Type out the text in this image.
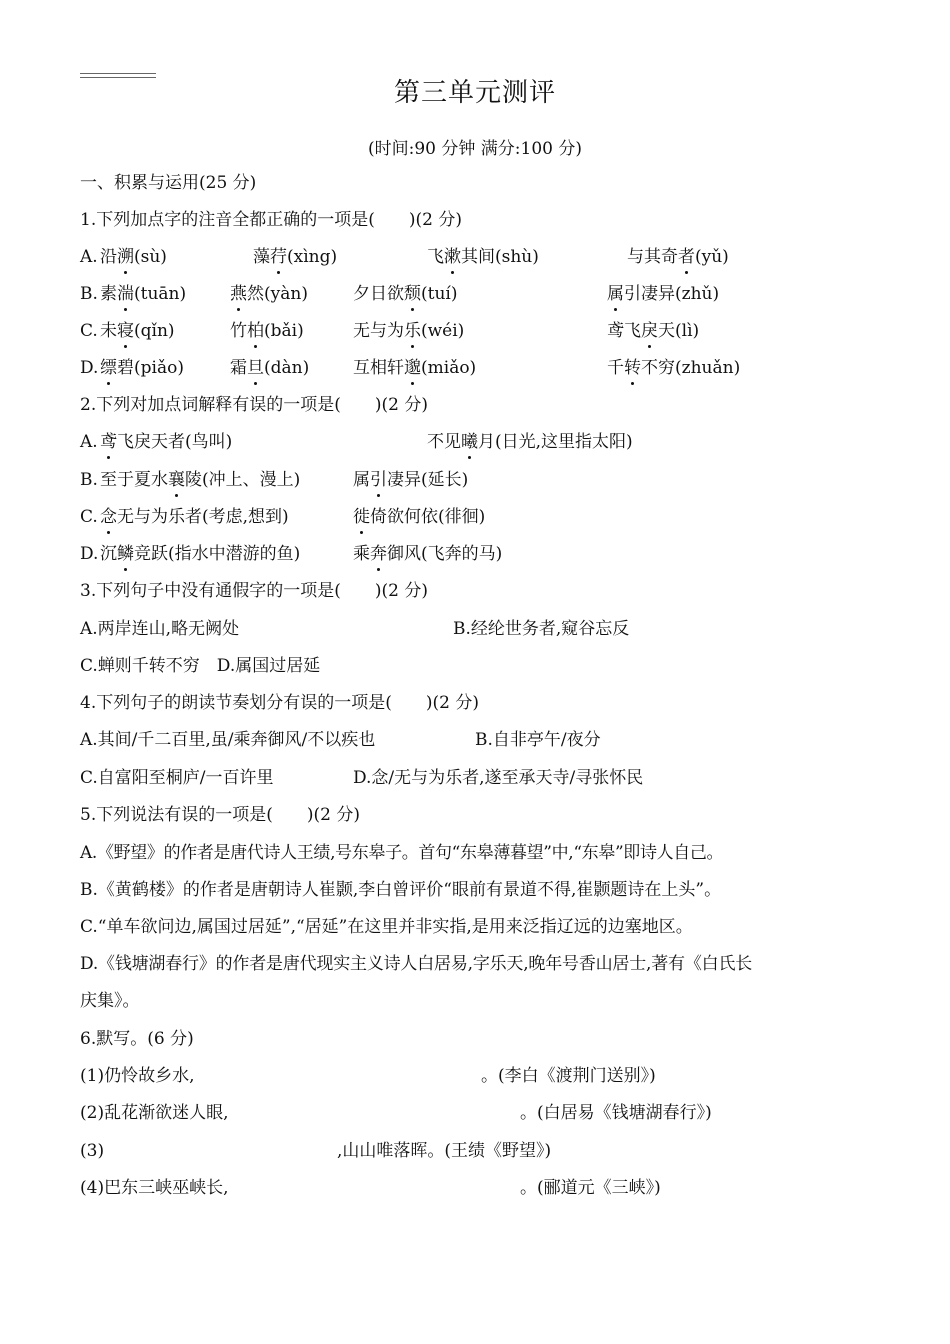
第三单元测评
(时间:90 分钟 满分:100 分)
一、积累与运用(25 分)
1.下列加点字的注音全都正确的一项是(　　)(2 分)
A. 沿溯(sù)	藻荇(xìng)	飞漱其间(shù)	与其奇者(yǔ)
B. 素湍(tuān)	燕然(yàn)	夕日欲颓(tuí)	属引凄异(zhǔ)
C. 未寝(qǐn)	竹柏(bǎi)	无与为乐(wéi)	鸢飞戾天(lì)
D. 缥碧(piǎo)	霜旦(dàn)	互相轩邈(miǎo)	千转不穷(zhuǎn)
2.下列对加点词解释有误的一项是(　　)(2 分)
A. 鸢飞戾天者(鸟叫)	不见曦月(日光,这里指太阳)
B. 至于夏水襄陵(冲上、漫上)	属引凄异(延长)
C. 念无与为乐者(考虑,想到)	徙倚欲何依(徘徊)
D. 沉鳞竞跃(指水中潜游的鱼)	乘奔御风(飞奔的马)
3.下列句子中没有通假字的一项是(　　)(2 分)
A.两岸连山,略无阙处	B.经纶世务者,窥谷忘反
C.蝉则千转不穷　D.属国过居延
4.下列句子的朗读节奏划分有误的一项是(　　)(2 分)
A.其间/千二百里,虽/乘奔御风/不以疾也	B.自非亭午/夜分
C.自富阳至桐庐/一百许里	D.念/无与为乐者,遂至承天寺/寻张怀民
5.下列说法有误的一项是(　　)(2 分)
A.《野望》的作者是唐代诗人王绩,号东皋子。首句“东皋薄暮望”中,“东皋”即诗人自己。
B.《黄鹤楼》的作者是唐朝诗人崔颢,李白曾评价“眼前有景道不得,崔颢题诗在上头”。
C.“单车欲问边,属国过居延”,“居延”在这里并非实指,是用来泛指辽远的边塞地区。
D.《钱塘湖春行》的作者是唐代现实主义诗人白居易,字乐天,晚年号香山居士,著有《白氏长
庆集》。
6.默写。(6 分)
(1)仍怜故乡水,	。(李白《渡荆门送别》)
(2)乱花渐欲迷人眼,	。(白居易《钱塘湖春行》)
(3)	,山山唯落晖。(王绩《野望》)
(4)巴东三峡巫峡长,	。(郦道元《三峡》)
